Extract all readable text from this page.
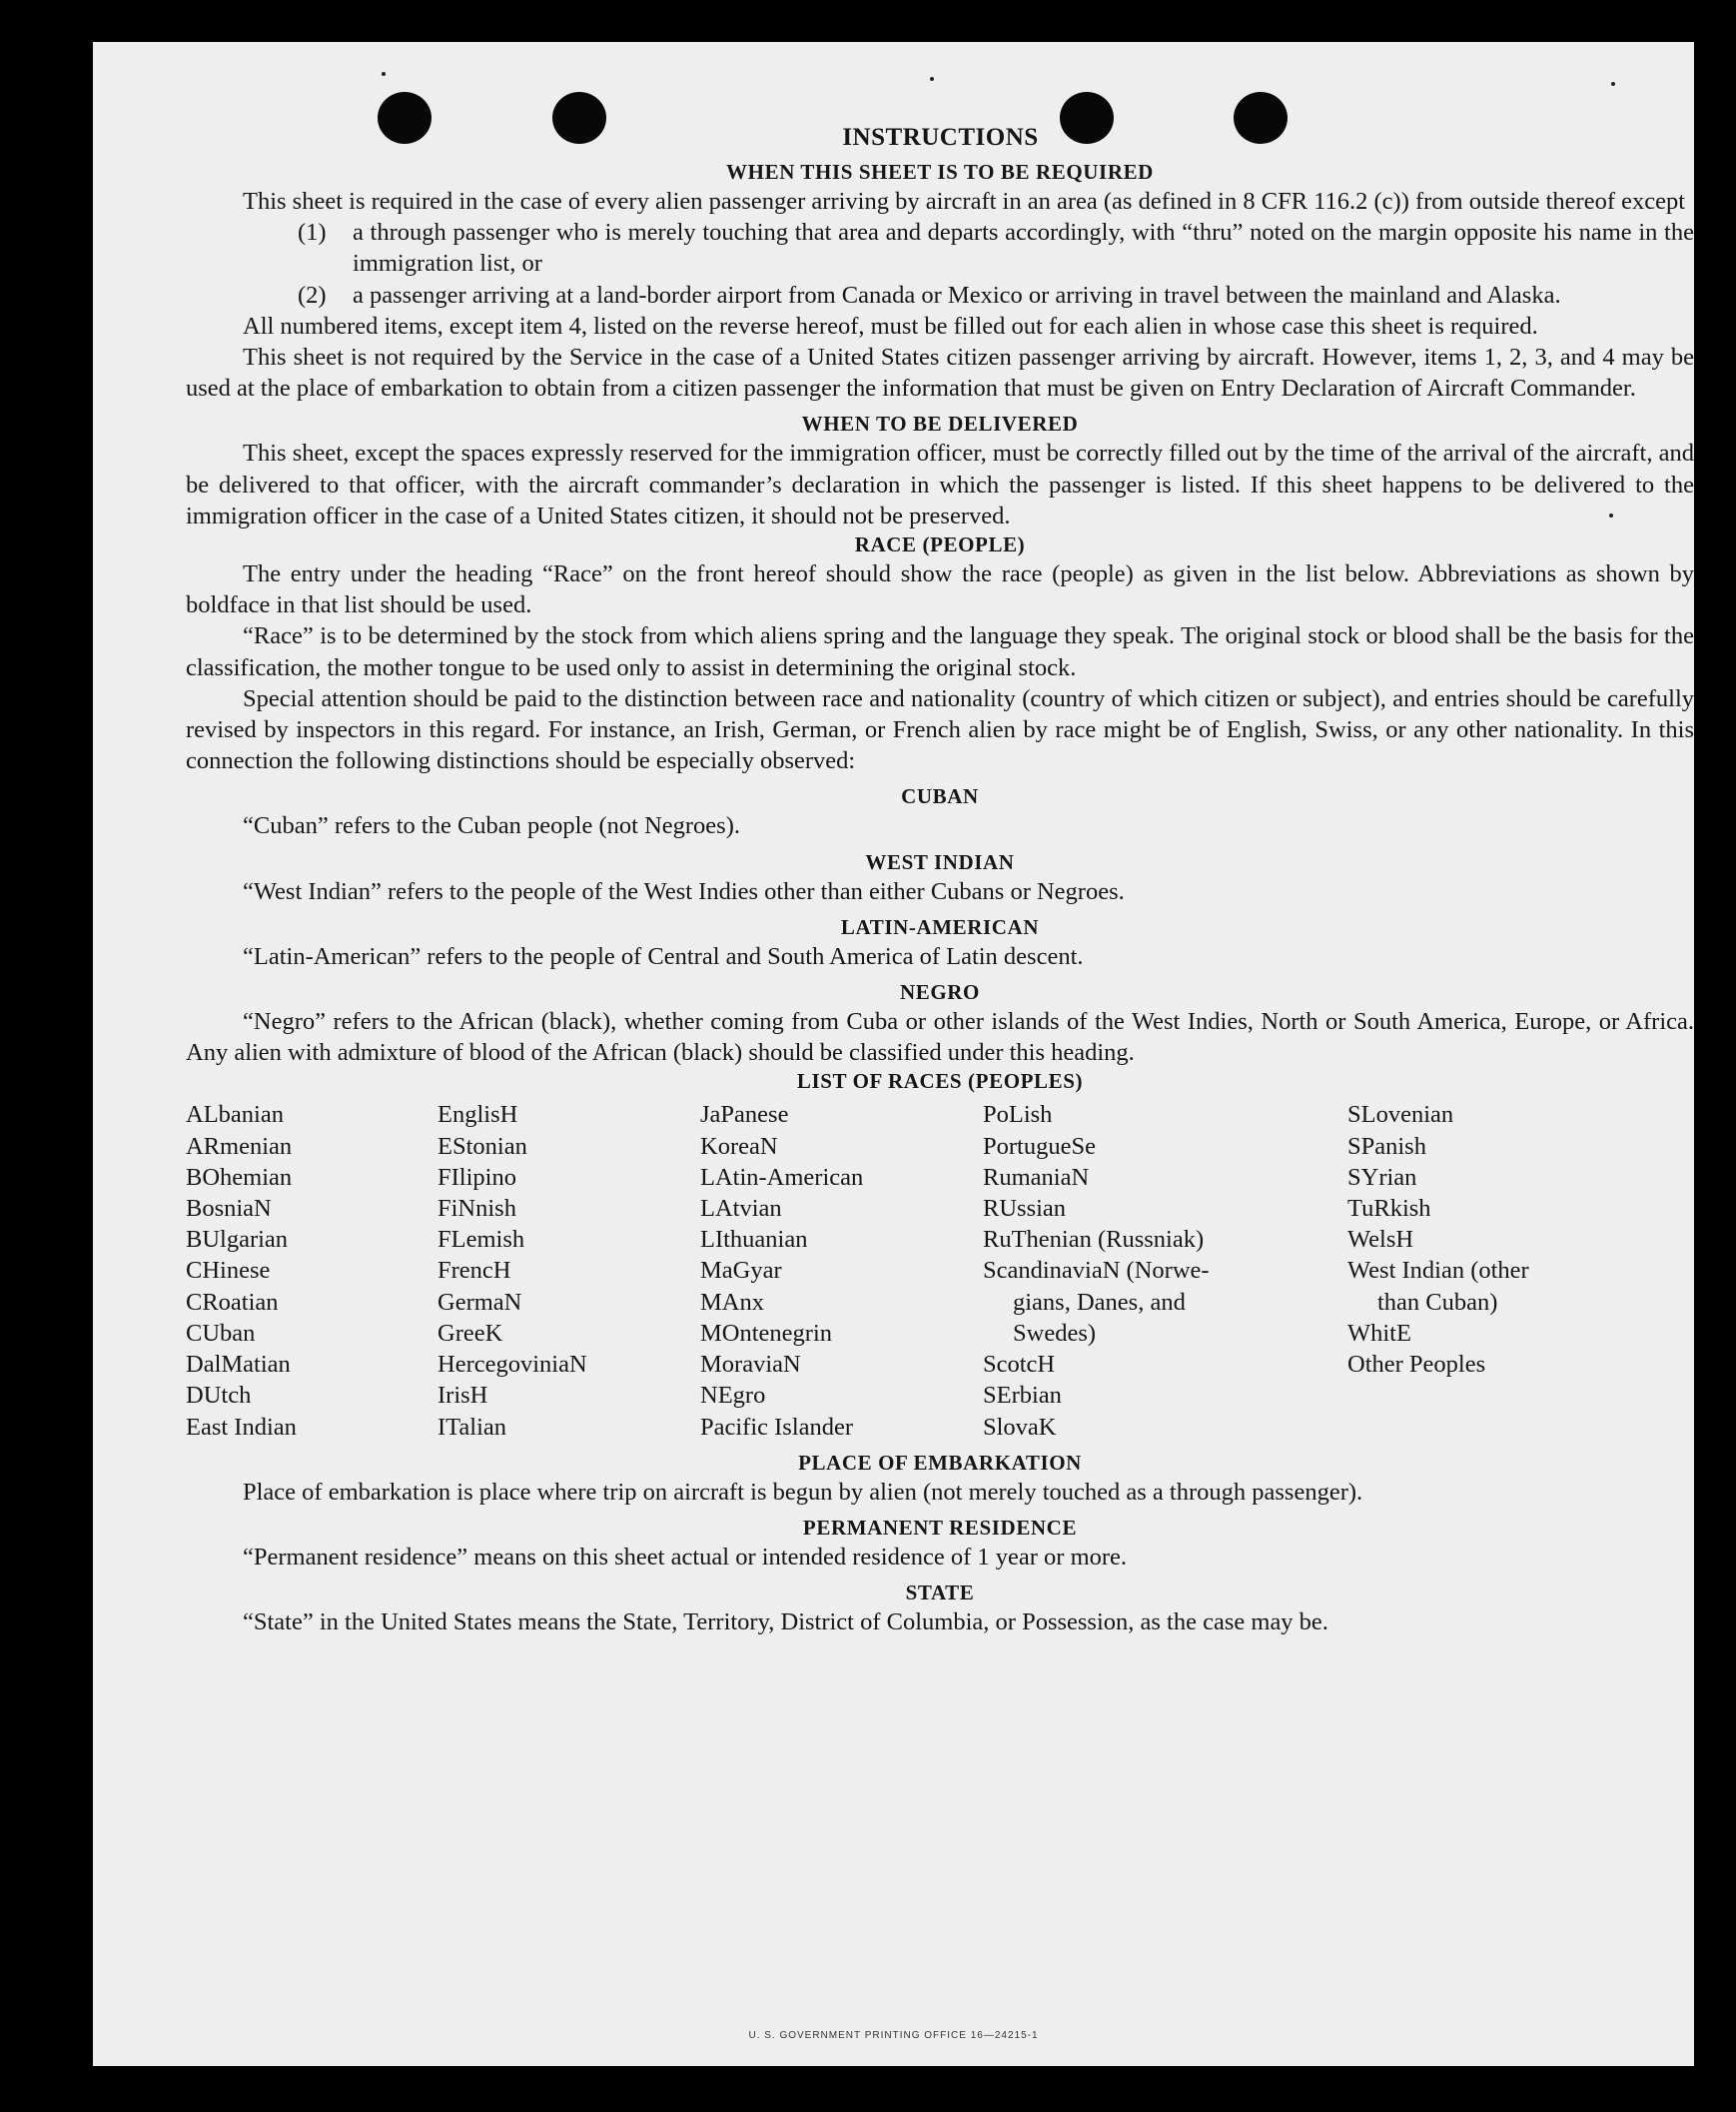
INSTRUCTIONS
WHEN THIS SHEET IS TO BE REQUIRED

This sheet is required in the case of every alien passenger arriving by aircraft in an area (as defined in 8 CFR 116.2 (c)) from outside thereof except

(1)	a through passenger who is merely touching that area and departs accordingly, with “thru” noted on the margin opposite his name in the immigration list, or
(2)	a passenger arriving at a land-border airport from Canada or Mexico or arriving in travel between the mainland and Alaska.

All numbered items, except item 4, listed on the reverse hereof, must be filled out for each alien in whose case this sheet is required.

This sheet is not required by the Service in the case of a United States citizen passenger arriving by aircraft. However, items 1, 2, 3, and 4 may be used at the place of embarkation to obtain from a citizen passenger the information that must be given on Entry Declaration of Aircraft Commander.

WHEN TO BE DELIVERED

This sheet, except the spaces expressly reserved for the immigration officer, must be correctly filled out by the time of the arrival of the aircraft, and be delivered to that officer, with the aircraft commander’s declaration in which the passenger is listed. If this sheet happens to be delivered to the immigration officer in the case of a United States citizen, it should not be preserved.

RACE (PEOPLE)

The entry under the heading “Race” on the front hereof should show the race (people) as given in the list below. Abbreviations as shown by boldface in that list should be used.

“Race” is to be determined by the stock from which aliens spring and the language they speak. The original stock or blood shall be the basis for the classification, the mother tongue to be used only to assist in determining the original stock.

Special attention should be paid to the distinction between race and nationality (country of which citizen or subject), and entries should be carefully revised by inspectors in this regard. For instance, an Irish, German, or French alien by race might be of English, Swiss, or any other nationality. In this connection the following distinctions should be especially observed:

CUBAN

“Cuban” refers to the Cuban people (not Negroes).

WEST INDIAN

“West Indian” refers to the people of the West Indies other than either Cubans or Negroes.

LATIN-AMERICAN

“Latin-American” refers to the people of Central and South America of Latin descent.

NEGRO

“Negro” refers to the African (black), whether coming from Cuba or other islands of the West Indies, North or South America, Europe, or Africa. Any alien with admixture of blood of the African (black) should be classified under this heading.

LIST OF RACES (PEOPLES)
ALbanian
ARmenian
BOhemian
BosniaN
BUlgarian
CHinese
CRoatian
CUban
DalMatian
DUtch
East Indian
EnglisH
EStonian
FIlipino
FiNnish
FLemish
FrencH
GermaN
GreeK
HercegoviniaN
IrisH
ITalian
JaPanese
KoreaN
LAtin-American
LAtvian
LIthuanian
MaGyar
MAnx
MOntenegrin
MoraviaN
NEgro
Pacific Islander
PoLish
PortugueSe
RumaniaN
RUssian
RuThenian (Russniak)
ScandinaviaN (Norwe-
gians, Danes, and
Swedes)
ScotcH
SErbian
SlovaK
SLovenian
SPanish
SYrian
TuRkish
WelsH
West Indian (other
than Cuban)
WhitE
Other Peoples
PLACE OF EMBARKATION

Place of embarkation is place where trip on aircraft is begun by alien (not merely touched as a through passenger).

PERMANENT RESIDENCE

“Permanent residence” means on this sheet actual or intended residence of 1 year or more.

STATE

“State” in the United States means the State, Territory, District of Columbia, or Possession, as the case may be.

U. S. GOVERNMENT PRINTING OFFICE 16—24215-1
